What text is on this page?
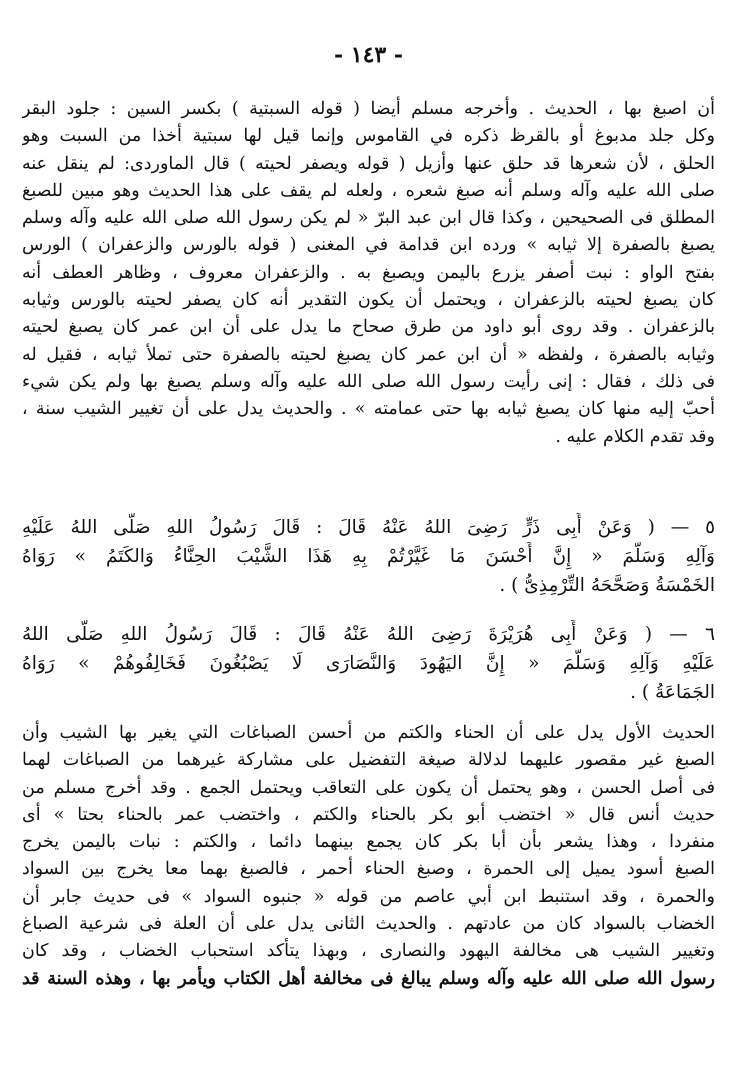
- ١٤٣ -
أن اصبغ بها ، الحديث . وأخرجه مسلم أيضا ( قوله السبتية ) بكسر السين : جلود البقر
وكل جلد مدبوغ أو بالقرظ ذكره في القاموس وإنما قيل لها سبتية أخذا من السبت وهو
الحلق ، لأن شعرها قد حلق عنها وأزيل ( قوله ويصفر لحيته ) قال الماوردى: لم ينقل عنه
صلى الله عليه وآله وسلم أنه صبغ شعره ، ولعله لم يقف على هذا الحديث وهو مبين للصبغ
المطلق فى الصحيحين ، وكذا قال ابن عبد البرّ « لم يكن رسول الله صلى الله عليه وآله وسلم
يصبغ بالصفرة إلا ثيابه » ورده ابن قدامة في المغنى ( قوله بالورس والزعفران ) الورس
بفتح الواو : نبت أصفر يزرع باليمن ويصبغ به . والزعفران معروف ، وظاهر العطف أنه
كان يصبغ لحيته بالزعفران ، ويحتمل أن يكون التقدير أنه كان يصفر لحيته بالورس وثيابه
بالزعفران . وقد روى أبو داود من طرق صحاح ما يدل على أن ابن عمر كان يصبغ لحيته
وثيابه بالصفرة ، ولفظه « أن ابن عمر كان يصبغ لحيته بالصفرة حتى تملأ ثيابه ، فقيل له
فى ذلك ، فقال : إنى رأيت رسول الله صلى الله عليه وآله وسلم يصبغ بها ولم يكن شيء
أحبّ إليه منها كان يصبغ ثيابه بها حتى عمامته » . والحديث يدل على أن تغيير الشيب سنة ،
وقد تقدم الكلام عليه .
٥ — ( وَعَنْ أَبِى ذَرٍّ رَضِىَ اللهُ عَنْهُ قَالَ : قَالَ رَسُولُ اللهِ صَلَّى اللهُ عَلَيْهِ
وَآلِهِ وَسَلَّمَ « إِنَّ أَحْسَنَ مَا غَيَّرْتُمْ بِهِ هَذَا الشَّيْبَ الحِنَّاءُ وَالكَتَمُ » رَوَاهُ
الخَمْسَةُ وَصَحَّحَهُ التِّرْمِذِىُّ ) .
٦ — ( وَعَنْ أَبِى هُرَيْرَةَ رَضِىَ اللهُ عَنْهُ قَالَ : قَالَ رَسُولُ اللهِ صَلَّى اللهُ
عَلَيْهِ وَآلِهِ وَسَلَّمَ « إِنَّ اليَهُودَ وَالنَّصَارَى لَا يَصْبُغُونَ فَخَالِفُوهُمْ » رَوَاهُ
الجَمَاعَةُ ) .
الحديث الأول يدل على أن الحناء والكتم من أحسن الصباغات التي يغير بها الشيب وأن
الصبغ غير مقصور عليهما لدلالة صيغة التفضيل على مشاركة غيرهما من الصباغات لهما
فى أصل الحسن ، وهو يحتمل أن يكون على التعاقب ويحتمل الجمع . وقد أخرج مسلم من
حديث أنس قال « اختضب أبو بكر بالحناء والكتم ، واختضب عمر بالحناء بحتا » أى
منفردا ، وهذا يشعر بأن أبا بكر كان يجمع بينهما دائما ، والكتم : نبات باليمن يخرج
الصبغ أسود يميل إلى الحمرة ، وصبغ الحناء أحمر ، فالصبغ بهما معا يخرج بين السواد
والحمرة ، وقد استنبط ابن أبي عاصم من قوله « جنبوه السواد » فى حديث جابر أن
الخضاب بالسواد كان من عادتهم . والحديث الثانى يدل على أن العلة فى شرعية الصباغ
وتغيير الشيب هى مخالفة اليهود والنصارى ، وبهذا يتأكد استحباب الخضاب ، وقد كان
رسول الله صلى الله عليه وآله وسلم يبالغ فى مخالفة أهل الكتاب ويأمر بها ، وهذه السنة قد
